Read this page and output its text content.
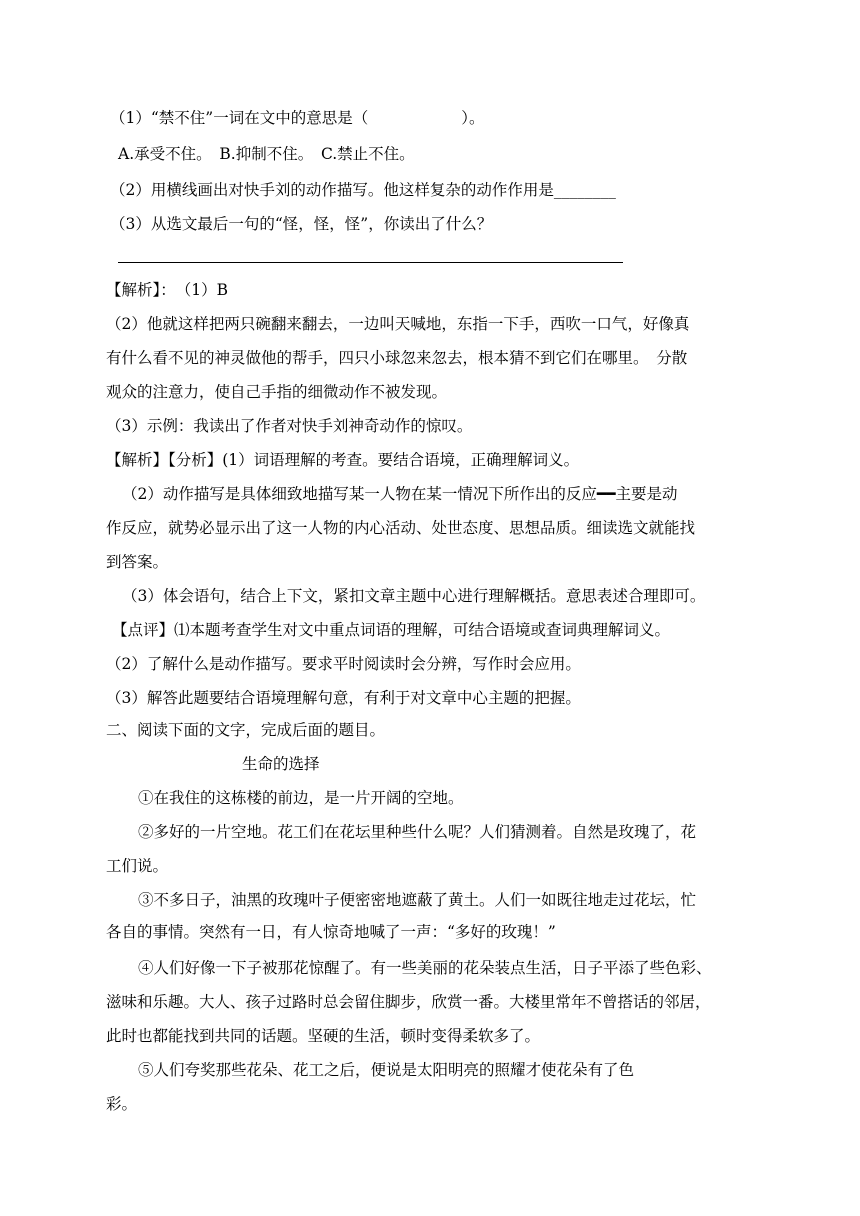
（1）“禁不住”一词在文中的意思是（　　　　　　）。
A.承受不住。　B.抑制不住。　C.禁止不住。
（2）用横线画出对快手刘的动作描写。他这样复杂的动作作用是________
（3）从选文最后一句的“怪，怪，怪”，你读出了什么？
【解析】：　（1）B
（2）他就这样把两只碗翻来翻去，一边叫天喊地，东指一下手，西吹一口气，好像真
有什么看不见的神灵做他的帮手，四只小球忽来忽去，根本猜不到它们在哪里。　分散
观众的注意力，使自己手指的细微动作不被发现。
（3）示例：我读出了作者对快手刘神奇动作的惊叹。
【解析】【分析】(1）词语理解的考查。要结合语境，正确理解词义。
（2）动作描写是具体细致地描写某一人物在某一情况下所作出的反应━━主要是动
作反应，就势必显示出了这一人物的内心活动、处世态度、思想品质。细读选文就能找
到答案。
（3）体会语句，结合上下文，紧扣文章主题中心进行理解概括。意思表述合理即可。
【点评】⑴本题考查学生对文中重点词语的理解，可结合语境或查词典理解词义。
（2）了解什么是动作描写。要求平时阅读时会分辨，写作时会应用。
（3）解答此题要结合语境理解句意，有利于对文章中心主题的把握。
二、阅读下面的文字，完成后面的题目。
生命的选择
①在我住的这栋楼的前边，是一片开阔的空地。
②多好的一片空地。花工们在花坛里种些什么呢？人们猜测着。自然是玫瑰了，花
工们说。
③不多日子，油黑的玫瑰叶子便密密地遮蔽了黄土。人们一如既往地走过花坛，忙
各自的事情。突然有一日，有人惊奇地喊了一声：“多好的玫瑰！”
④人们好像一下子被那花惊醒了。有一些美丽的花朵装点生活，日子平添了些色彩、
滋味和乐趣。大人、孩子过路时总会留住脚步，欣赏一番。大楼里常年不曾搭话的邻居，
此时也都能找到共同的话题。坚硬的生活，顿时变得柔软多了。
⑤人们夸奖那些花朵、花工之后，便说是太阳明亮的照耀才使花朵有了色
彩。
